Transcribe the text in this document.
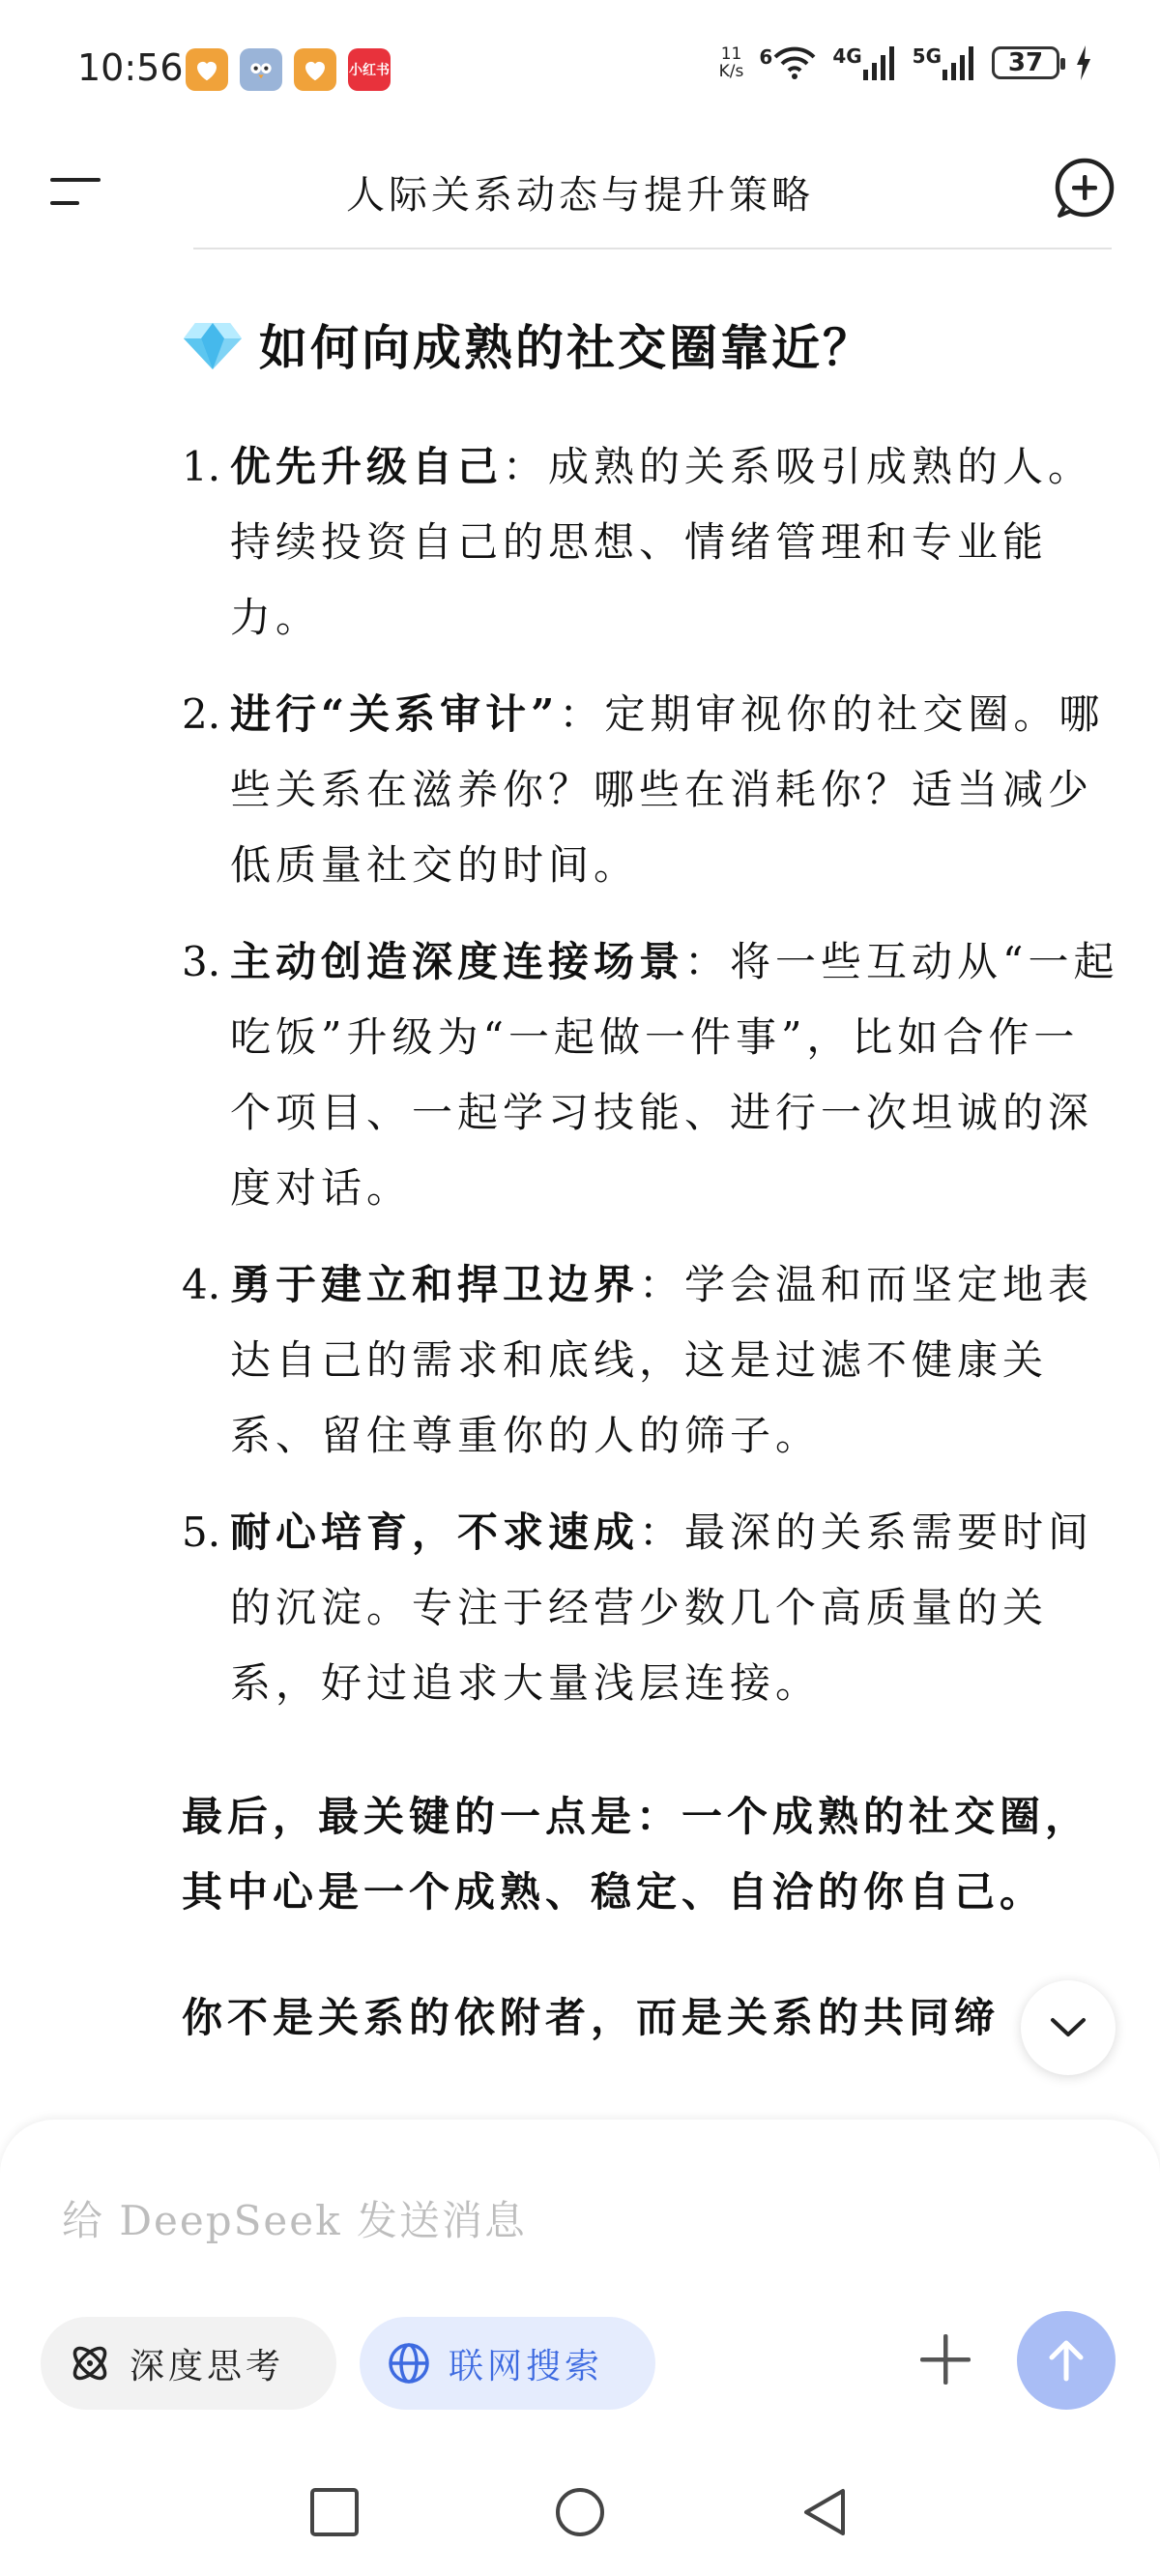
10:56	小红书
11
K/s
6	4G	5G	37
人际关系动态与提升策略
如何向成熟的社交圈靠近？
1. 优先升级自己：成熟的关系吸引成熟的人。持续投资自己的思想、情绪管理和专业能力。
2. 进行“关系审计”：定期审视你的社交圈。哪些关系在滋养你？哪些在消耗你？适当减少低质量社交的时间。
3. 主动创造深度连接场景：将一些互动从“一起吃饭”升级为“一起做一件事”，比如合作一个项目、一起学习技能、进行一次坦诚的深度对话。
4. 勇于建立和捍卫边界：学会温和而坚定地表达自己的需求和底线，这是过滤不健康关系、留住尊重你的人的筛子。
5. 耐心培育，不求速成：最深的关系需要时间的沉淀。专注于经营少数几个高质量的关系，好过追求大量浅层连接。
最后，最关键的一点是：一个成熟的社交圈，其中心是一个成熟、稳定、自洽的你自己。
你不是关系的依附者，而是关系的共同缔
给 DeepSeek 发送消息
深度思考	联网搜索
